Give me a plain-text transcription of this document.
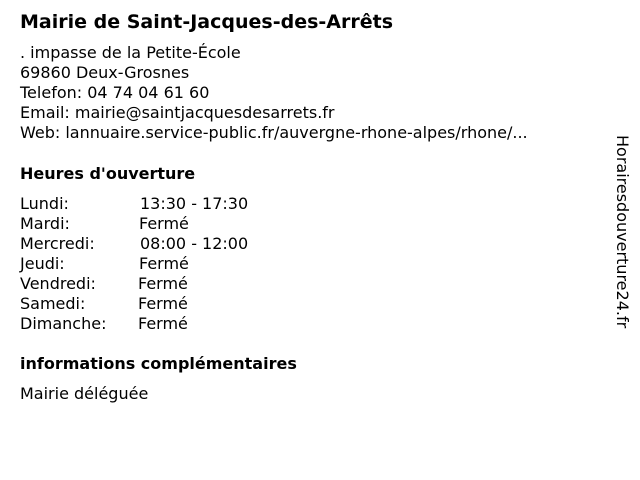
Mairie de Saint-Jacques-des-Arrêts
. impasse de la Petite-École
69860 Deux-Grosnes
Telefon: 04 74 04 61 60
Email: mairie@saintjacquesdesarrets.fr
Web: lannuaire.service-public.fr/auvergne-rhone-alpes/rhone/...
Heures d'ouverture
Lundi:	13:30 - 17:30
Mardi:	Fermé
Mercredi:	08:00 - 12:00
Jeudi:	Fermé
Vendredi:	Fermé
Samedi:	Fermé
Dimanche: Fermé
informations complémentaires
Mairie déléguée
Horairesdouverture24.fr
